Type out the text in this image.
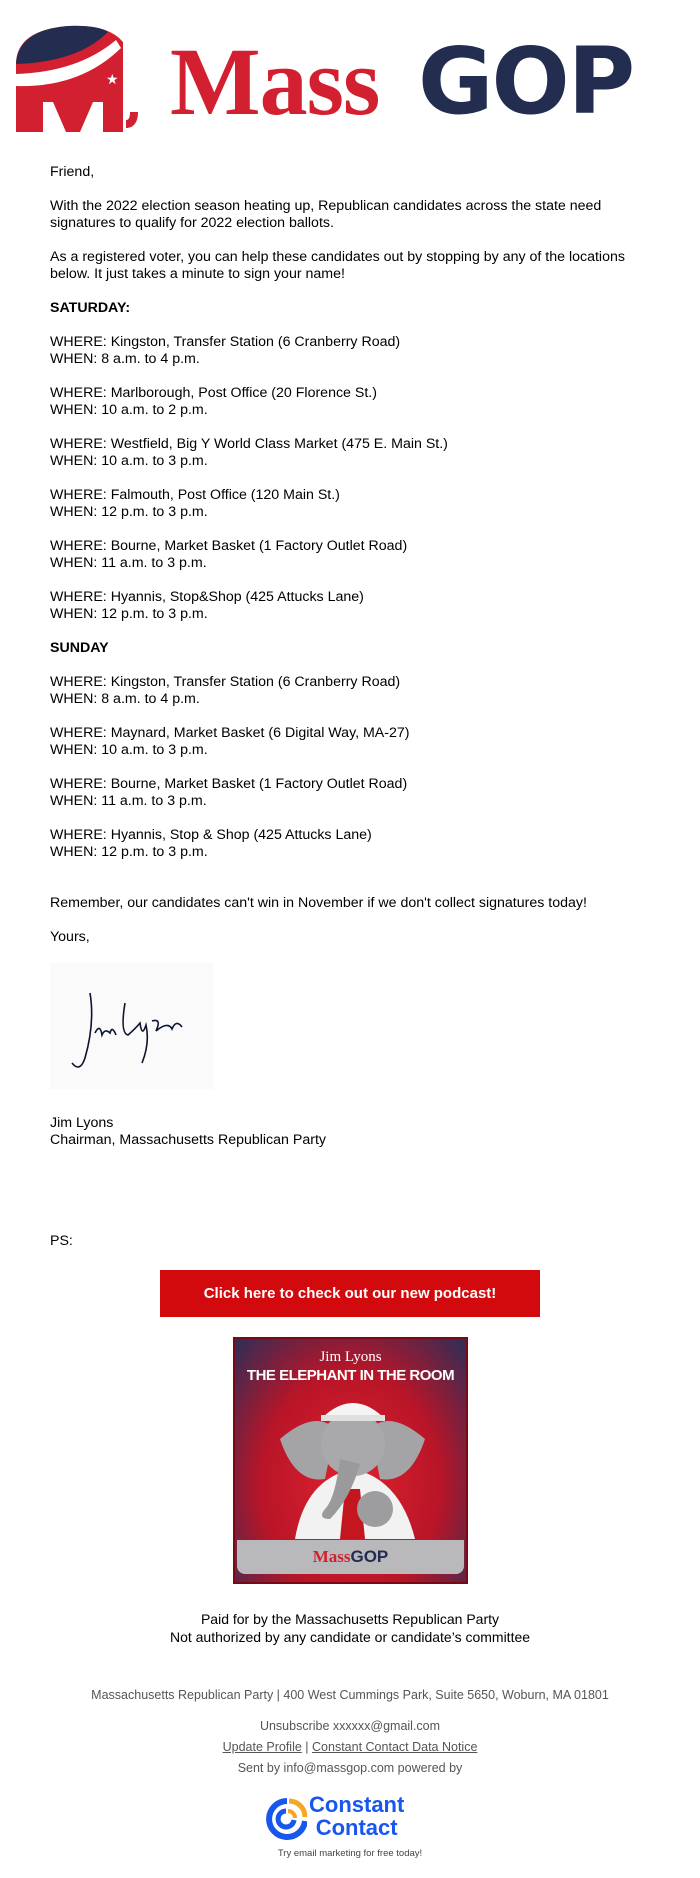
★ Mass GOP

Friend,

With the 2022 election season heating up, Republican candidates across the state need signatures to qualify for 2022 election ballots.

As a registered voter, you can help these candidates out by stopping by any of the locations below. It just takes a minute to sign your name!

SATURDAY:

WHERE: Kingston, Transfer Station (6 Cranberry Road)
WHEN: 8 a.m. to 4 p.m.

WHERE: Marlborough, Post Office (20 Florence St.)
WHEN: 10 a.m. to 2 p.m.

WHERE: Westfield, Big Y World Class Market (475 E. Main St.)
WHEN: 10 a.m. to 3 p.m.

WHERE: Falmouth, Post Office (120 Main St.)
WHEN: 12 p.m. to 3 p.m.

WHERE: Bourne, Market Basket (1 Factory Outlet Road)
WHEN: 11 a.m. to 3 p.m.

WHERE: Hyannis, Stop&Shop (425 Attucks Lane)
WHEN: 12 p.m. to 3 p.m.

SUNDAY

WHERE: Kingston, Transfer Station (6 Cranberry Road)
WHEN: 8 a.m. to 4 p.m.

WHERE: Maynard, Market Basket (6 Digital Way, MA-27)
WHEN: 10 a.m. to 3 p.m.

WHERE: Bourne, Market Basket (1 Factory Outlet Road)
WHEN: 11 a.m. to 3 p.m.

WHERE: Hyannis, Stop & Shop (425 Attucks Lane)
WHEN: 12 p.m. to 3 p.m.

Remember, our candidates can't win in November if we don't collect signatures today!

Yours,

Jim Lyons
Chairman, Massachusetts Republican Party

PS:

Click here to check out our new podcast!
Jim Lyons
THE ELEPHANT IN THE ROOM
MassGOP
Paid for by the Massachusetts Republican Party
Not authorized by any candidate or candidate’s committee
Massachusetts Republican Party | 400 West Cummings Park, Suite 5650, Woburn, MA 01801
Unsubscribe xxxxxx@gmail.com
Update Profile | Constant Contact Data Notice
Sent by info@massgop.com powered by
Constant
Contact
Try email marketing for free today!
